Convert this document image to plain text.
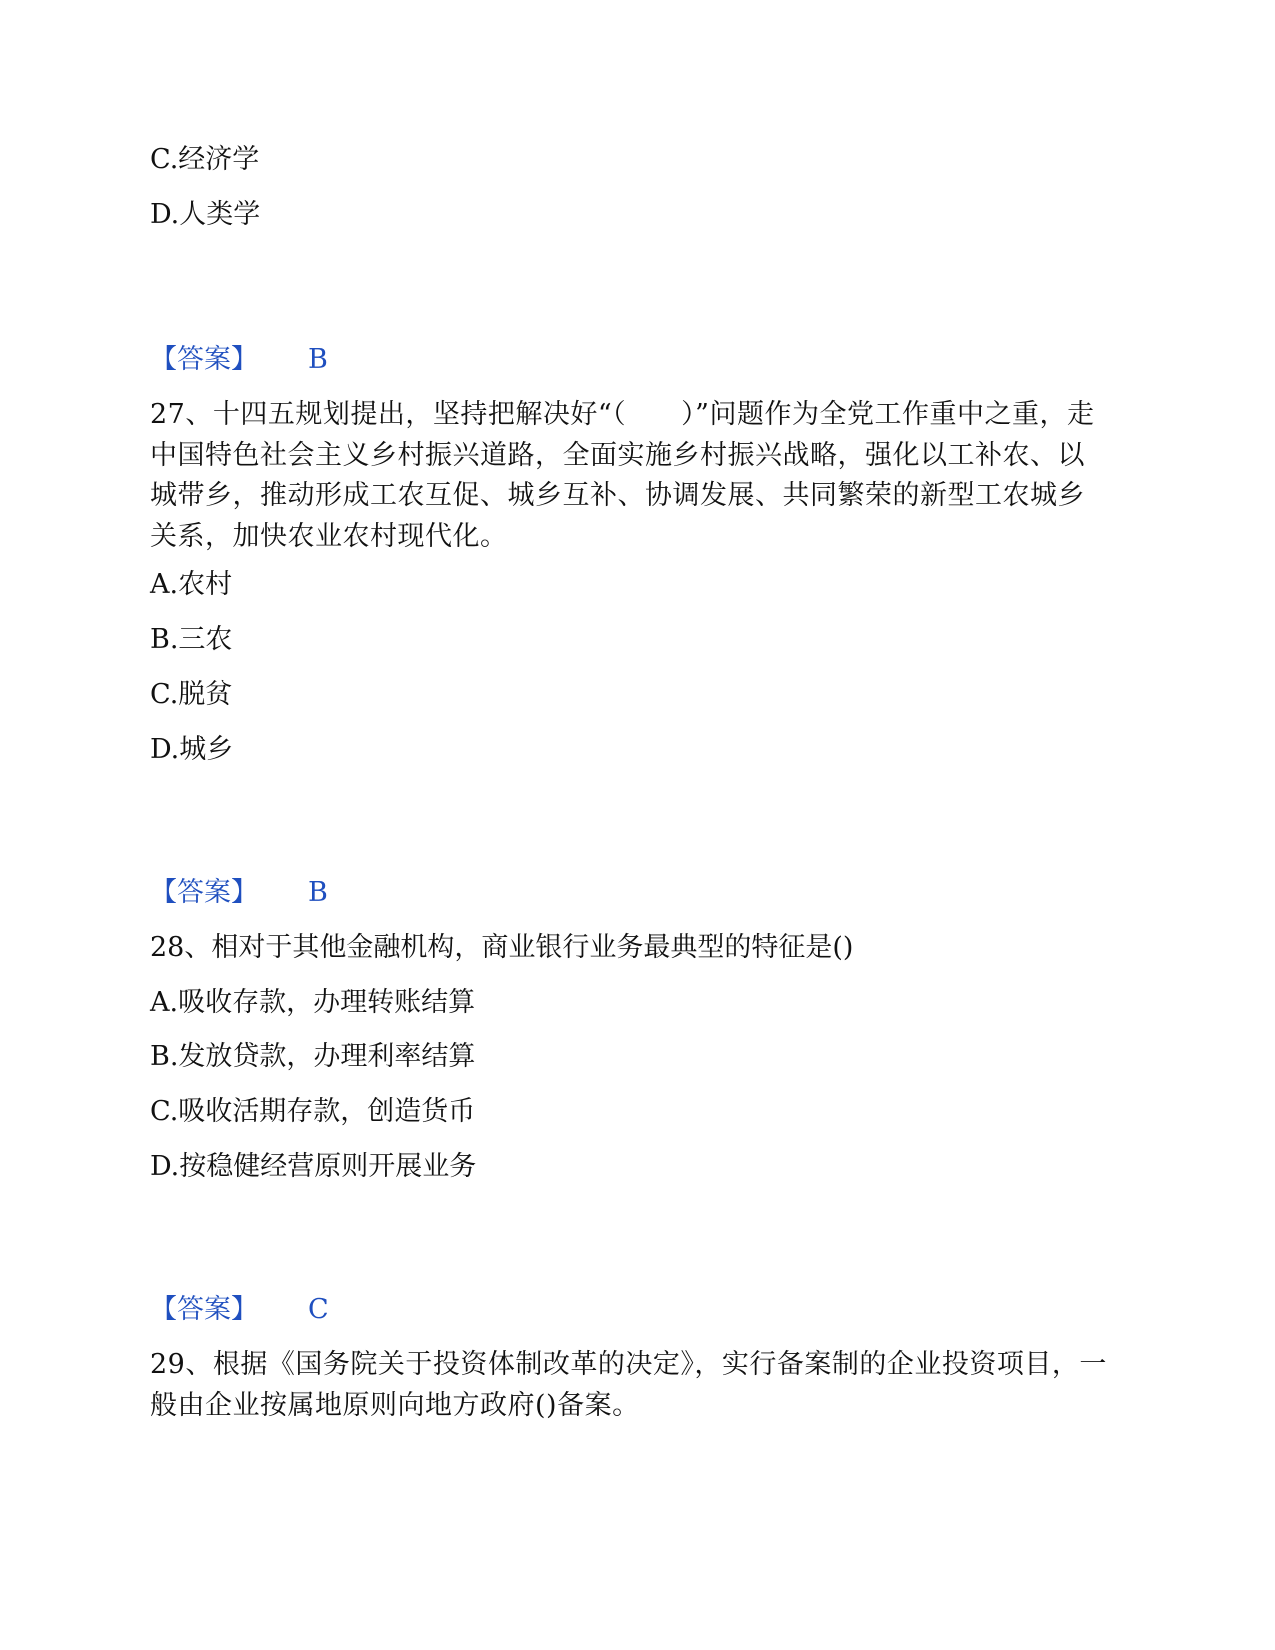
C.经济学
D.人类学
【答案】 B
27、十四五规划提出，坚持把解决好“（　　）”问题作为全党工作重中之重，走中国特色社会主义乡村振兴道路，全面实施乡村振兴战略，强化以工补农、以城带乡，推动形成工农互促、城乡互补、协调发展、共同繁荣的新型工农城乡关系，加快农业农村现代化。
A.农村
B.三农
C.脱贫
D.城乡
【答案】 B
28、相对于其他金融机构，商业银行业务最典型的特征是()
A.吸收存款，办理转账结算
B.发放贷款，办理利率结算
C.吸收活期存款，创造货币
D.按稳健经营原则开展业务
【答案】 C
29、根据《国务院关于投资体制改革的决定》，实行备案制的企业投资项目，一般由企业按属地原则向地方政府()备案。
